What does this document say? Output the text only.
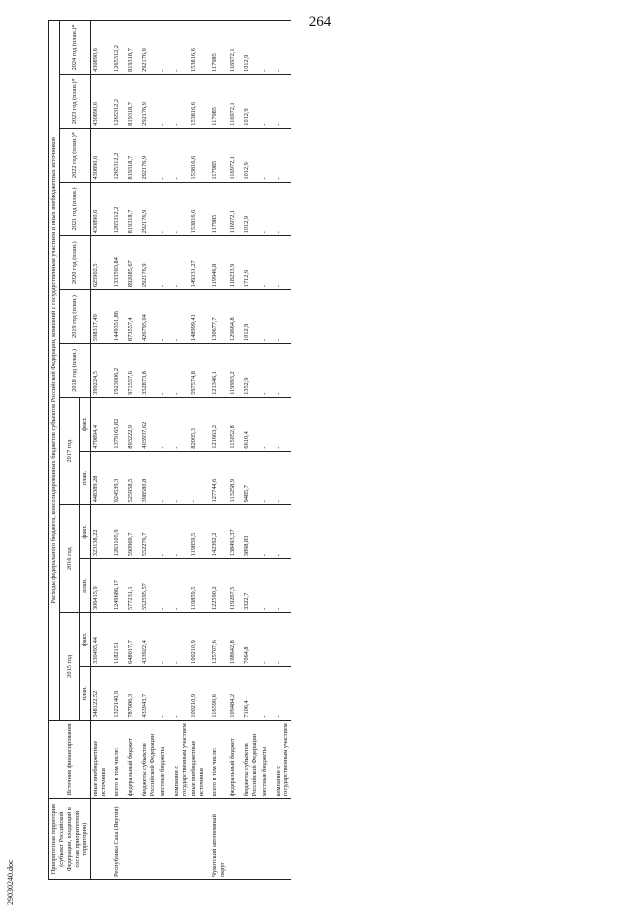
264
Приоритетная территория (субъект Российской Федерации, входящий в состав приоритетной территории)	Источник финансирования	Расходы федерального бюджета, консолидированных бюджетов субъектов Российской Федерации, компаний с государственным участием и иных внебюджетных источников												
		2015 год		2016 год		2017 год		2018 год (план.)	2019 год (план.)	2020 год (план.)	2021 год (план.)	2022 год (план.)*	2023 год (план.)*	2024 год (план.)*
		план.	факт.	план.	факт.	план.	факт.							
	иные внебюджетные источники	348122,52	330495,44	306415,9	323138,22	448389,28	479894,4	399224,5	598317,49	625902,5	430890,6	430890,6	430890,6	430890,6
Республика Саха (Якутия)	всего в том числе:	1322140,9	1182151	1249686,17	1263105,9	924539,3	1379165,82	1923006,2	1449351,86	1333593,84	1265312,2	1265312,2	1265312,2	1265312,2
	федеральный бюджет	787986,3	648017,7	577231,1	590969,7	525958,5	893222,9	971557,6	873557,4	892085,67	819318,7	819318,7	819318,7	819318,7
	бюджеты субъектов Российской Федерации	433943,7	433922,4	552595,57	552276,7	398580,8	403937,62	352873,8	426795,04	292176,9	292176,9	292176,9	292176,9	292176,9
	местные бюджеты	-	-	-	-	-	-	-	-	-	-	-	-	-
	компании с государственным участием	-	-	-	-	-	-	-	-	-	-	-	-	-
	иные внебюджетные источники	100210,9	100210,9	119859,5	119859,5	-	82005,3	597574,8	148999,41	149331,27	153816,6	153816,6	153816,6	153816,6
Чукотский автономный округ	всего в том числе:	116590,6	125707,6	122590,2	142392,2	127744,6	121663,2	121346,1	130677,7	119946,8	117985	117985	117985	117985
	федеральный бюджет	109484,2	108642,8	119267,5	138493,37	113258,9	115052,8	119993,2	129664,8	118233,9	116972,1	116972,1	116972,1	116972,1
	бюджеты субъектов Российской Федерации	7106,4	7064,8	3322,7	3898,83	9485,7	6610,4	1352,9	1012,9	1712,9	1012,9	1012,9	1012,9	1012,9
	местные бюджеты	-	-	-	-	-	-	-	-	-	-	-	-	-
	компании с государственным участием	-	-	-	-	-	-	-	-	-	-	-	-	-
29030240.doc
